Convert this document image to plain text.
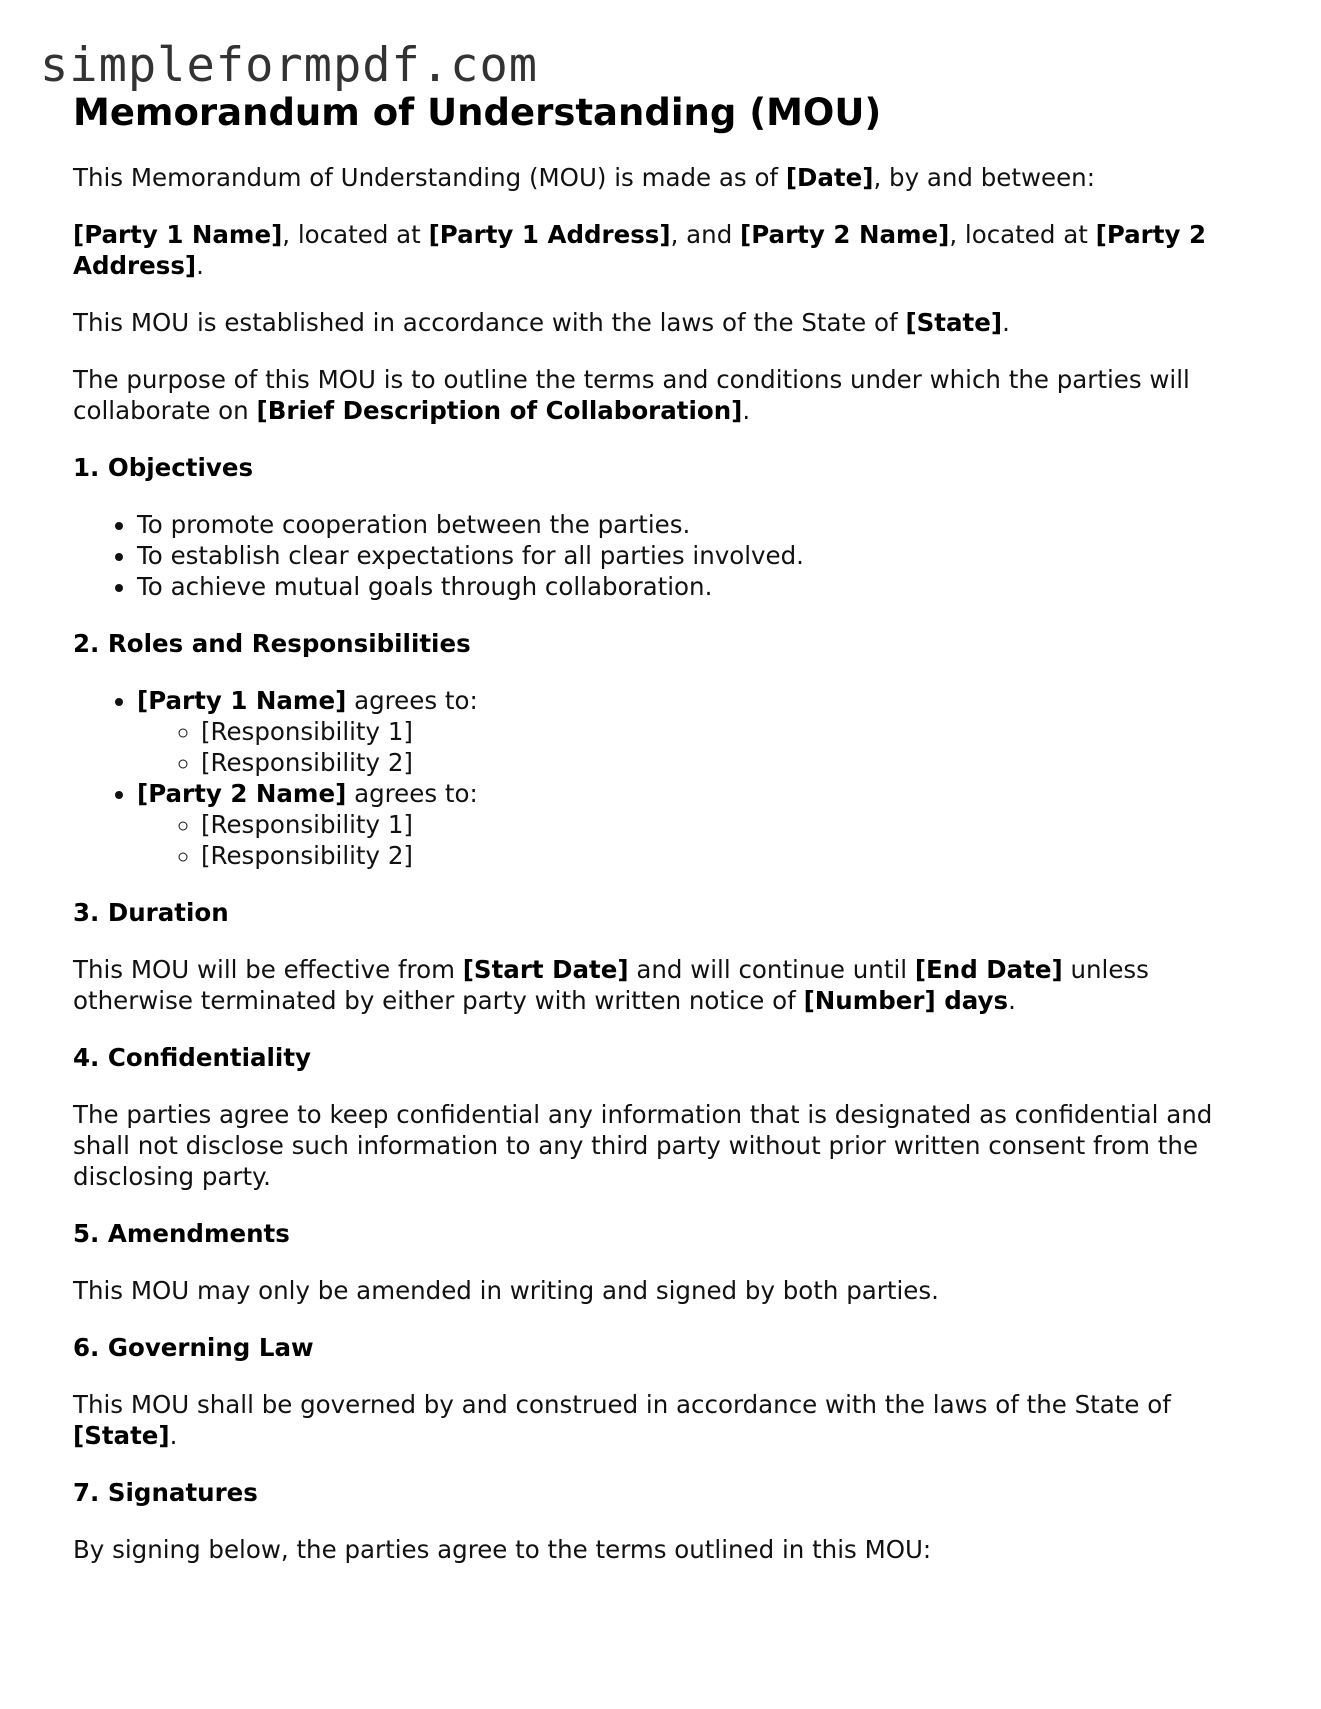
simpleformpdf.com
Memorandum of Understanding (MOU)

This Memorandum of Understanding (MOU) is made as of [Date], by and between:

[Party 1 Name], located at [Party 1 Address], and [Party 2 Name], located at [Party 2 Address].

This MOU is established in accordance with the laws of the State of [State].

The purpose of this MOU is to outline the terms and conditions under which the parties will collaborate on [Brief Description of Collaboration].

1. Objectives
• To promote cooperation between the parties.
• To establish clear expectations for all parties involved.
• To achieve mutual goals through collaboration.
2. Roles and Responsibilities
• [Party 1 Name] agrees to:
◦ [Responsibility 1]
◦ [Responsibility 2]
• [Party 2 Name] agrees to:
◦ [Responsibility 1]
◦ [Responsibility 2]
3. Duration

This MOU will be effective from [Start Date] and will continue until [End Date] unless otherwise terminated by either party with written notice of [Number] days.

4. Confidentiality

The parties agree to keep confidential any information that is designated as confidential and shall not disclose such information to any third party without prior written consent from the disclosing party.

5. Amendments

This MOU may only be amended in writing and signed by both parties.

6. Governing Law

This MOU shall be governed by and construed in accordance with the laws of the State of [State].

7. Signatures

By signing below, the parties agree to the terms outlined in this MOU:
